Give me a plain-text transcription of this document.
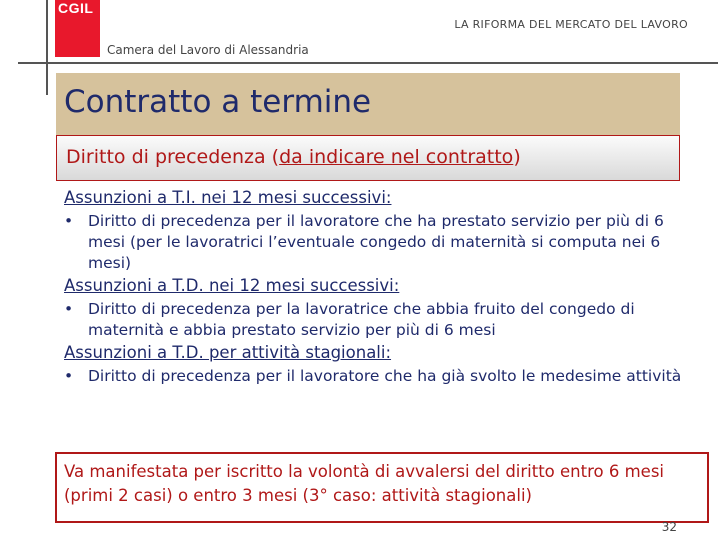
CGIL
Camera del Lavoro di Alessandria
LA RIFORMA DEL MERCATO DEL LAVORO
Contratto a termine
Diritto di precedenza (da indicare nel contratto)

Assunzioni a T.I. nei 12 mesi successivi:

• Diritto di precedenza per il lavoratore che ha prestato servizio per più di 6 mesi (per le lavoratrici l’eventuale congedo di maternità si computa nei 6 mesi)

Assunzioni a T.D. nei 12 mesi successivi:

• Diritto di precedenza per la lavoratrice che abbia fruito del congedo di maternità e abbia prestato servizio per più di 6 mesi

Assunzioni a T.D. per attività stagionali:

• Diritto di precedenza per il lavoratore che ha già svolto le medesime attività

Va manifestata per iscritto la volontà di avvalersi del diritto entro 6 mesi (primi 2 casi) o entro 3 mesi (3° caso: attività stagionali)
32
